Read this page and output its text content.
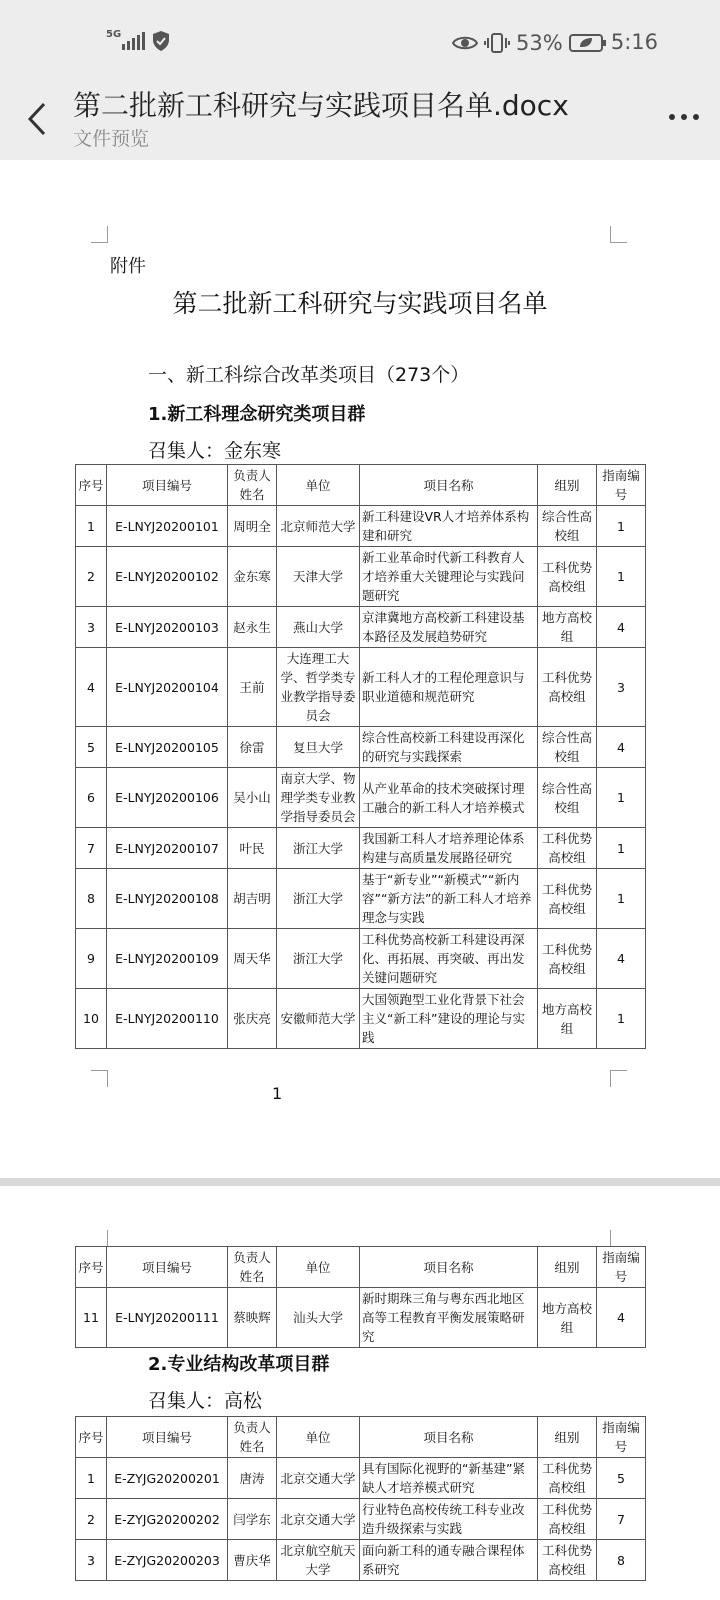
5G	53% 5:16
第二批新工科研究与实践项目名单.docx
文件预览
附件
第二批新工科研究与实践项目名单
一、新工科综合改革类项目（273个）
1.新工科理念研究类项目群
召集人：金东寒
序号	项目编号	负责人姓名	单位	项目名称	组别	指南编号
1	E-LNYJ20200101	周明全	北京师范大学	新工科建设VR人才培养体系构建和研究	综合性高校组	1
2	E-LNYJ20200102	金东寒	天津大学	新工业革命时代新工科教育人才培养重大关键理论与实践问题研究	工科优势高校组	1
3	E-LNYJ20200103	赵永生	燕山大学	京津冀地方高校新工科建设基本路径及发展趋势研究	地方高校组	4
4	E-LNYJ20200104	王前	大连理工大学、哲学类专业教学指导委员会	新工科人才的工程伦理意识与职业道德和规范研究	工科优势高校组	3
5	E-LNYJ20200105	徐雷	复旦大学	综合性高校新工科建设再深化的研究与实践探索	综合性高校组	4
6	E-LNYJ20200106	吴小山	南京大学、物理学类专业教学指导委员会	从产业革命的技术突破探讨理工融合的新工科人才培养模式	综合性高校组	1
7	E-LNYJ20200107	叶民	浙江大学	我国新工科人才培养理论体系构建与高质量发展路径研究	工科优势高校组	1
8	E-LNYJ20200108	胡吉明	浙江大学	基于“新专业”“新模式”“新内容”“新方法”的新工科人才培养理念与实践	工科优势高校组	1
9	E-LNYJ20200109	周天华	浙江大学	工科优势高校新工科建设再深化、再拓展、再突破、再出发关键问题研究	工科优势高校组	4
10	E-LNYJ20200110	张庆亮	安徽师范大学	大国领跑型工业化背景下社会主义“新工科”建设的理论与实践	地方高校组	1
1
序号	项目编号	负责人姓名	单位	项目名称	组别	指南编号
11	E-LNYJ20200111	蔡映辉	汕头大学	新时期珠三角与粤东西北地区高等工程教育平衡发展策略研究	地方高校组	4
2.专业结构改革项目群
召集人：高松
序号	项目编号	负责人姓名	单位	项目名称	组别	指南编号
1	E-ZYJG20200201	唐涛	北京交通大学	具有国际化视野的“新基建”紧缺人才培养模式研究	工科优势高校组	5
2	E-ZYJG20200202	闫学东	北京交通大学	行业特色高校传统工科专业改造升级探索与实践	工科优势高校组	7
3	E-ZYJG20200203	曹庆华	北京航空航天大学	面向新工科的通专融合课程体系研究	工科优势高校组	8
